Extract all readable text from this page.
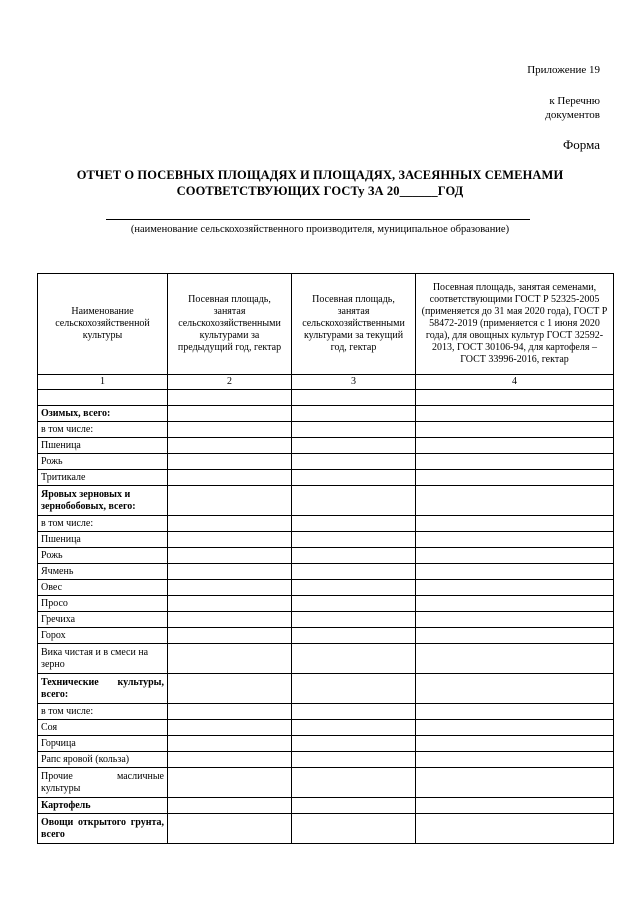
Приложение 19
к Перечню
документов
Форма
ОТЧЕТ О ПОСЕВНЫХ ПЛОЩАДЯХ И ПЛОЩАДЯХ, ЗАСЕЯННЫХ СЕМЕНАМИ
СООТВЕТСТВУЮЩИХ ГОСТу ЗА 20______ГОД
(наименование сельскохозяйственного производителя, муниципальное образование)
Наименование сельскохозяйственной культуры	Посевная площадь, занятая сельскохозяйственными культурами за предыдущий год, гектар	Посевная площадь, занятая сельскохозяйственными культурами за текущий год, гектар	Посевная площадь, занятая семенами, соответствующими ГОСТ Р 52325-2005 (применяется до 31 мая 2020 года), ГОСТ Р 58472-2019 (применяется с 1 июня 2020 года), для овощных культур ГОСТ 32592-2013, ГОСТ 30106-94, для картофеля – ГОСТ 33996-2016, гектар
1	2	3	4

Озимых, всего:			
в том числе:			
Пшеница			
Рожь			
Тритикале			
Яровых зерновых и зернобобовых, всего:			
в том числе:			
Пшеница			
Рожь			
Ячмень			
Овес			
Просо			
Гречиха			
Горох			
Вика чистая и в смеси на зерно			
Технические культуры, всего:			
в том числе:			
Соя			
Горчица			
Рапс яровой (кольза)			
Прочие масличные культуры			
Картофель			
Овощи открытого грунта, всего			
